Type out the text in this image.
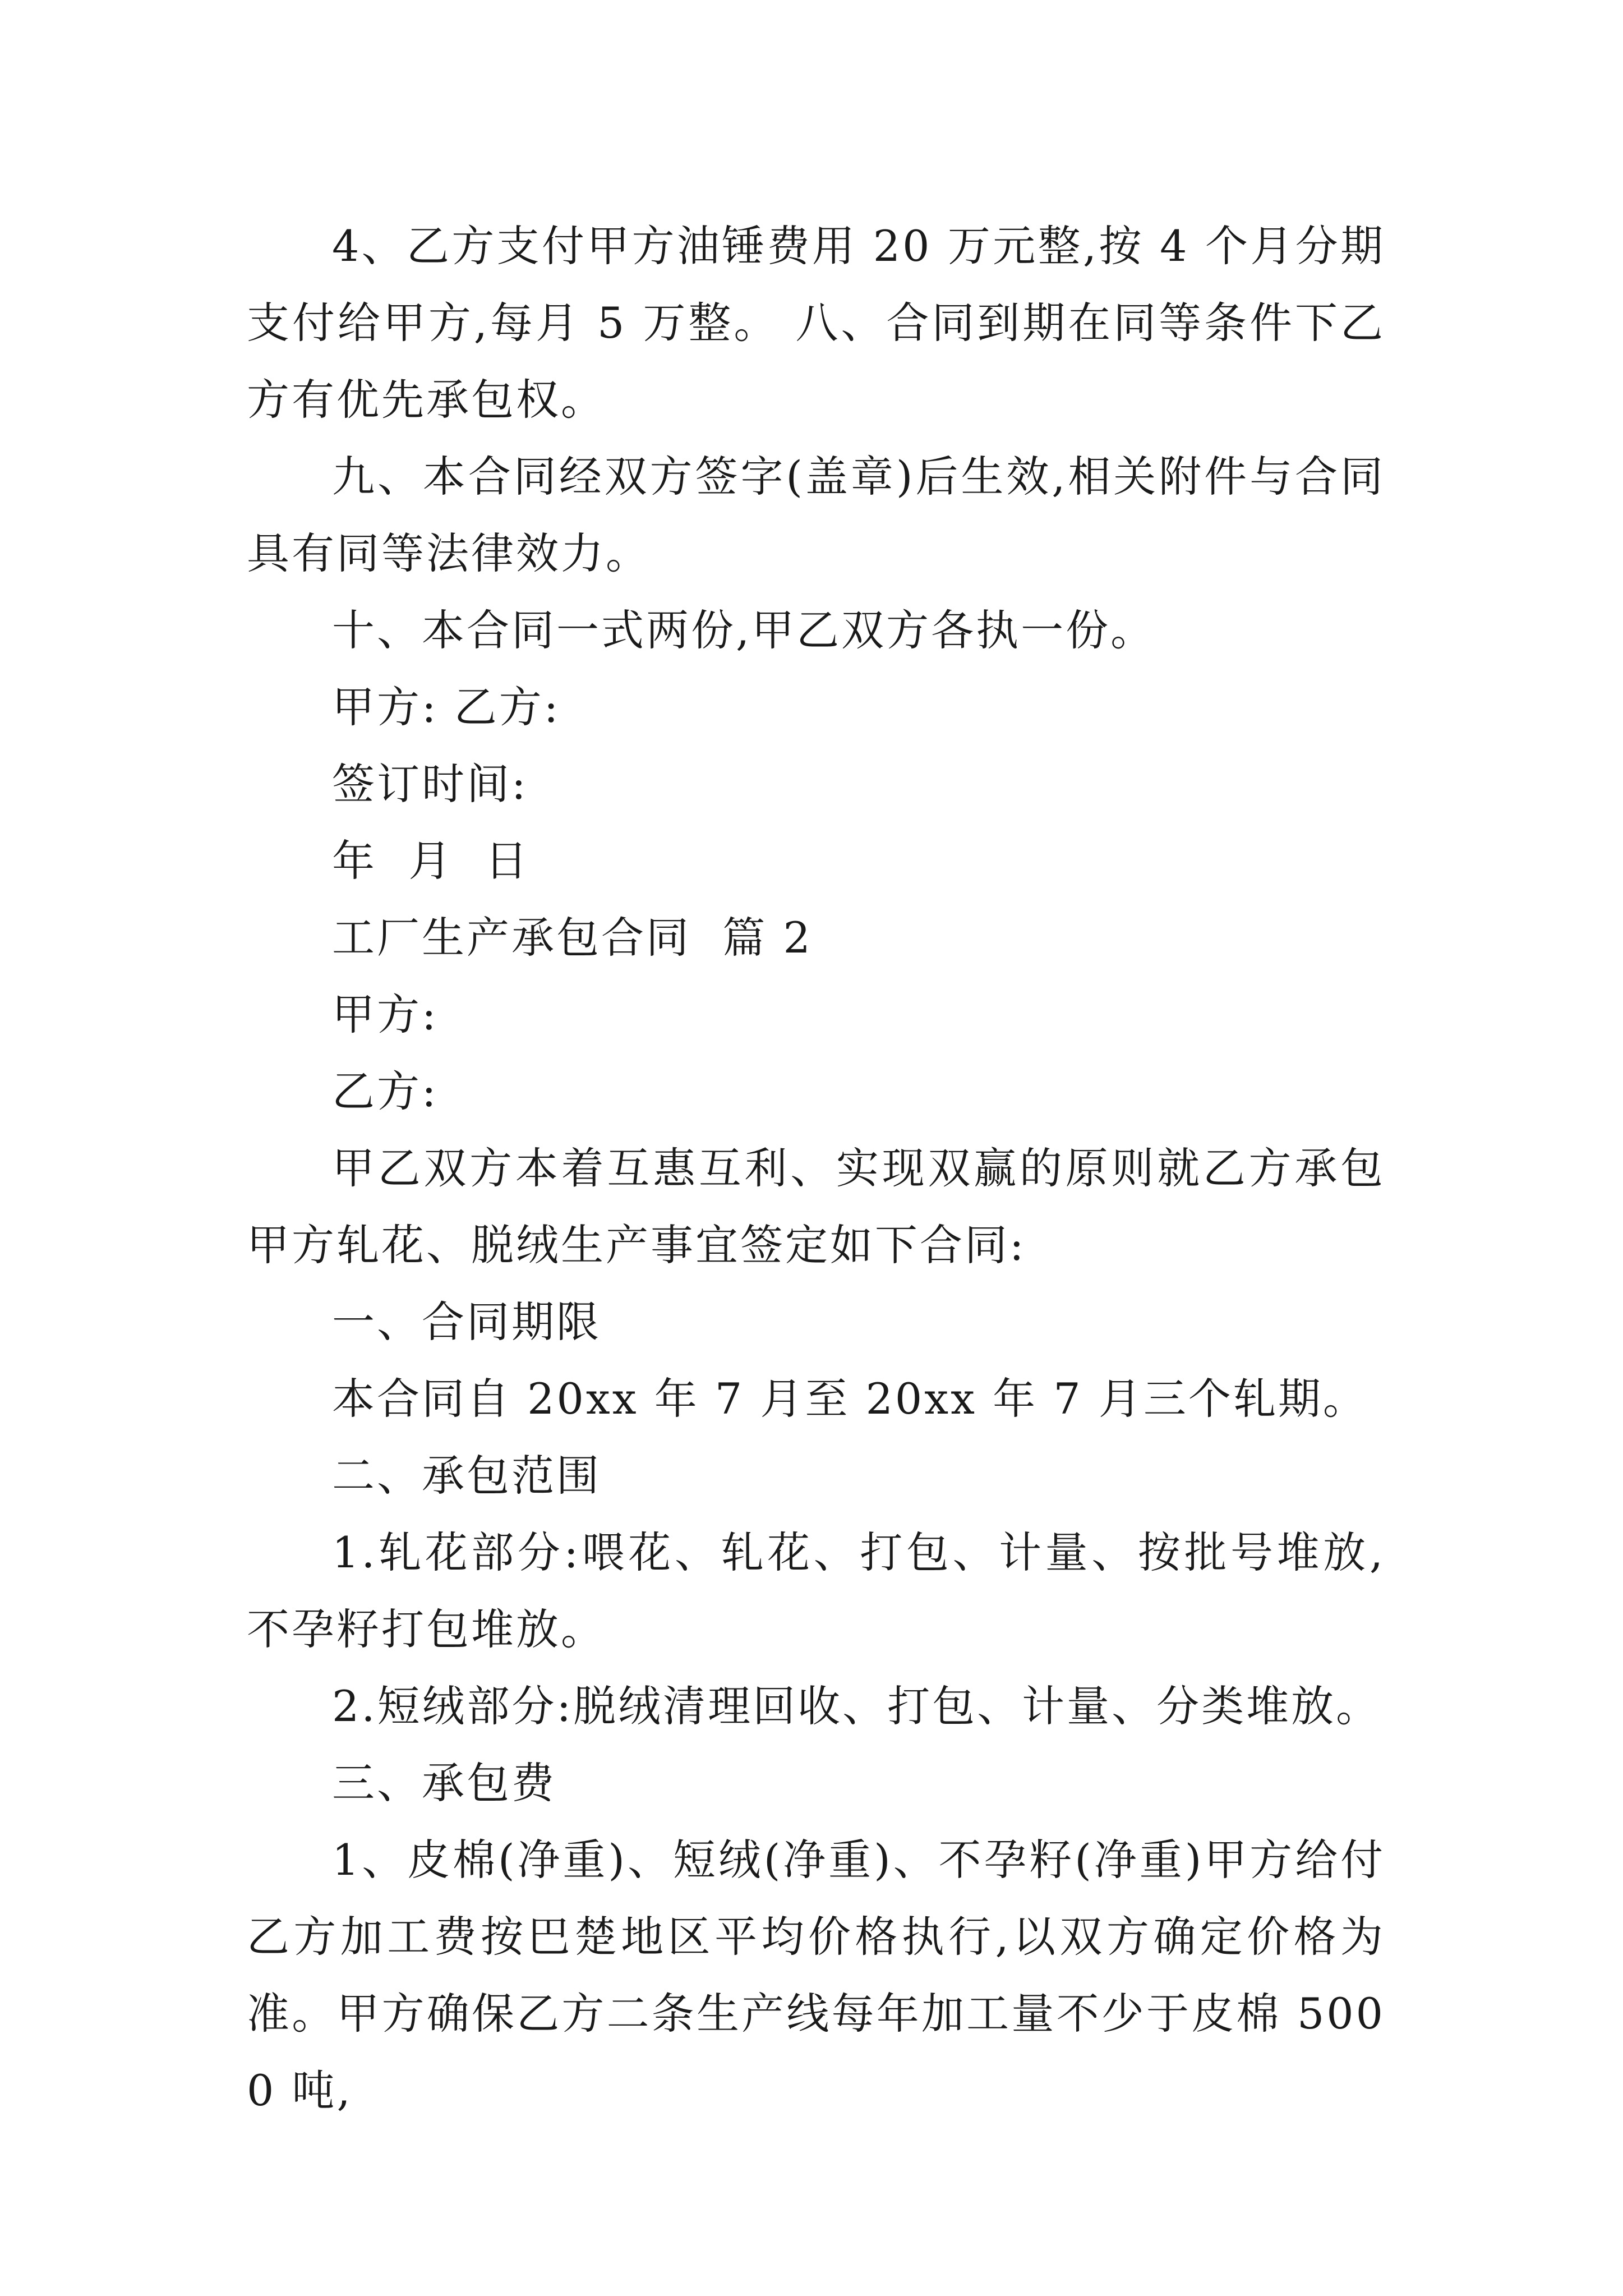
4、乙方支付甲方油锤费用 20 万元整,按 4 个月分期支付给甲方,每月 5 万整。 八、合同到期在同等条件下乙方有优先承包权。

九、本合同经双方签字(盖章)后生效,相关附件与合同具有同等法律效力。

十、本合同一式两份,甲乙双方各执一份。

甲方: 乙方:

签订时间:

年  月  日

工厂生产承包合同  篇 2

甲方:

乙方:

甲乙双方本着互惠互利、实现双赢的原则就乙方承包甲方轧花、脱绒生产事宜签定如下合同:

一、合同期限

本合同自 20xx 年 7 月至 20xx 年 7 月三个轧期。

二、承包范围

1.轧花部分:喂花、轧花、打包、计量、按批号堆放,不孕籽打包堆放。

2.短绒部分:脱绒清理回收、打包、计量、分类堆放。

三、承包费

1、皮棉(净重)、短绒(净重)、不孕籽(净重)甲方给付乙方加工费按巴楚地区平均价格执行,以双方确定价格为准。甲方确保乙方二条生产线每年加工量不少于皮棉 5000 吨,
